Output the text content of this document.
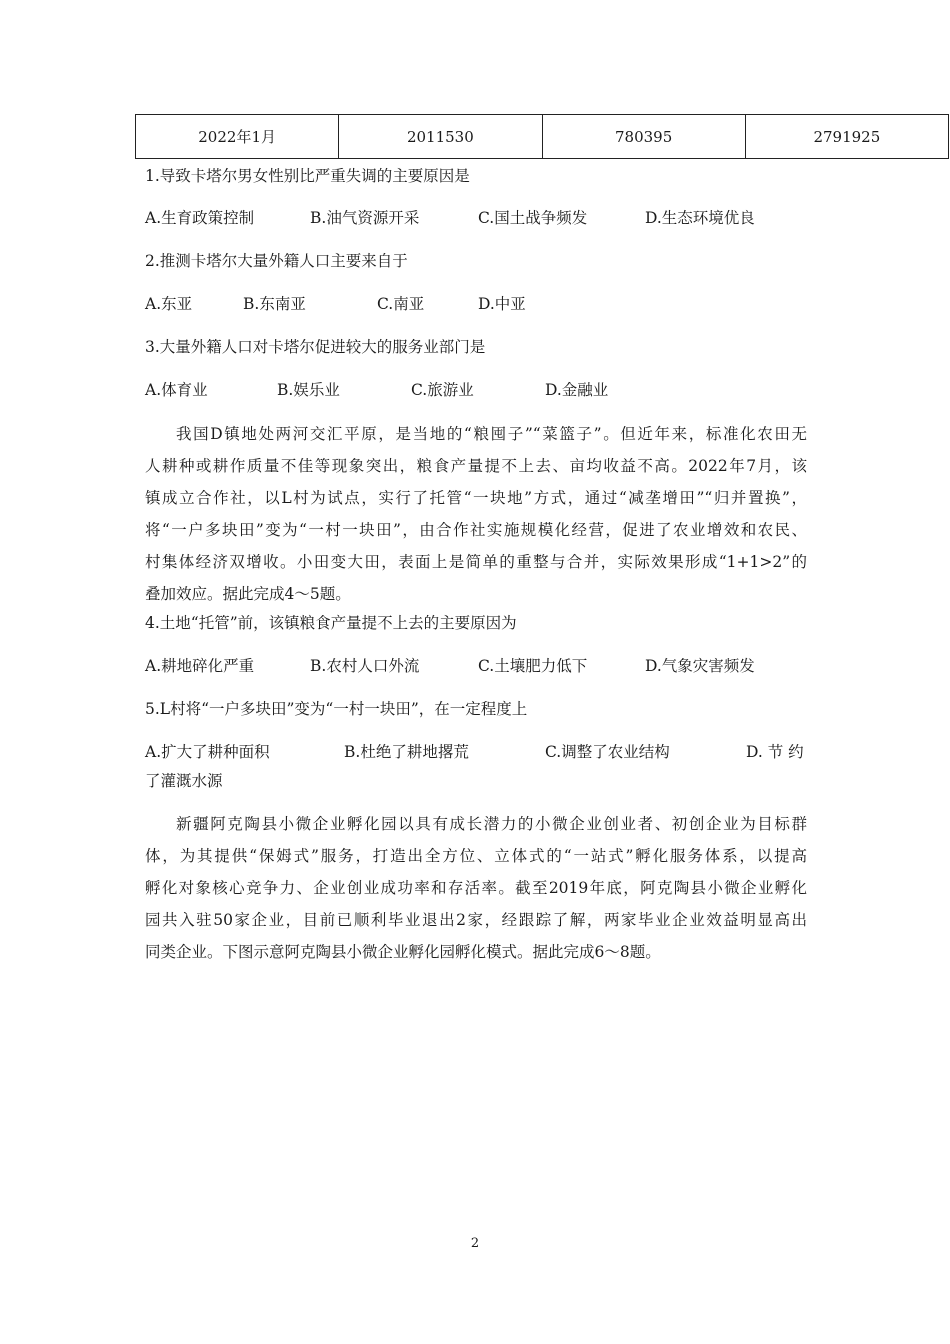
2022年1月	2011530	780395	2791925
1.导致卡塔尔男女性别比严重失调的主要原因是
A.生育政策控制	B.油气资源开采	C.国土战争频发	D.生态环境优良
2.推测卡塔尔大量外籍人口主要来自于
A.东亚	B.东南亚	C.南亚	D.中亚
3.大量外籍人口对卡塔尔促进较大的服务业部门是
A.体育业	B.娱乐业	C.旅游业	D.金融业
我国D镇地处两河交汇平原，是当地的“粮囤子”“菜篮子”。但近年来，标准化农田无
人耕种或耕作质量不佳等现象突出，粮食产量提不上去、亩均收益不高。2022年7月，该
镇成立合作社，以L村为试点，实行了托管“一块地”方式，通过“减垄增田”“归并置换”，
将“一户多块田”变为“一村一块田”，由合作社实施规模化经营，促进了农业增效和农民、
村集体经济双增收。小田变大田，表面上是简单的重整与合并，实际效果形成“1+1>2”的
叠加效应。据此完成4～5题。
4.土地“托管”前，该镇粮食产量提不上去的主要原因为
A.耕地碎化严重	B.农村人口外流	C.土壤肥力低下	D.气象灾害频发
5.L村将“一户多块田”变为“一村一块田”，在一定程度上
A.扩大了耕种面积	B.杜绝了耕地撂荒	C.调整了农业结构	D. 节 约
了灌溉水源
新疆阿克陶县小微企业孵化园以具有成长潜力的小微企业创业者、初创企业为目标群
体，为其提供“保姆式”服务，打造出全方位、立体式的“一站式”孵化服务体系，以提高
孵化对象核心竞争力、企业创业成功率和存活率。截至2019年底，阿克陶县小微企业孵化
园共入驻50家企业，目前已顺利毕业退出2家，经跟踪了解，两家毕业企业效益明显高出
同类企业。下图示意阿克陶县小微企业孵化园孵化模式。据此完成6～8题。
2
